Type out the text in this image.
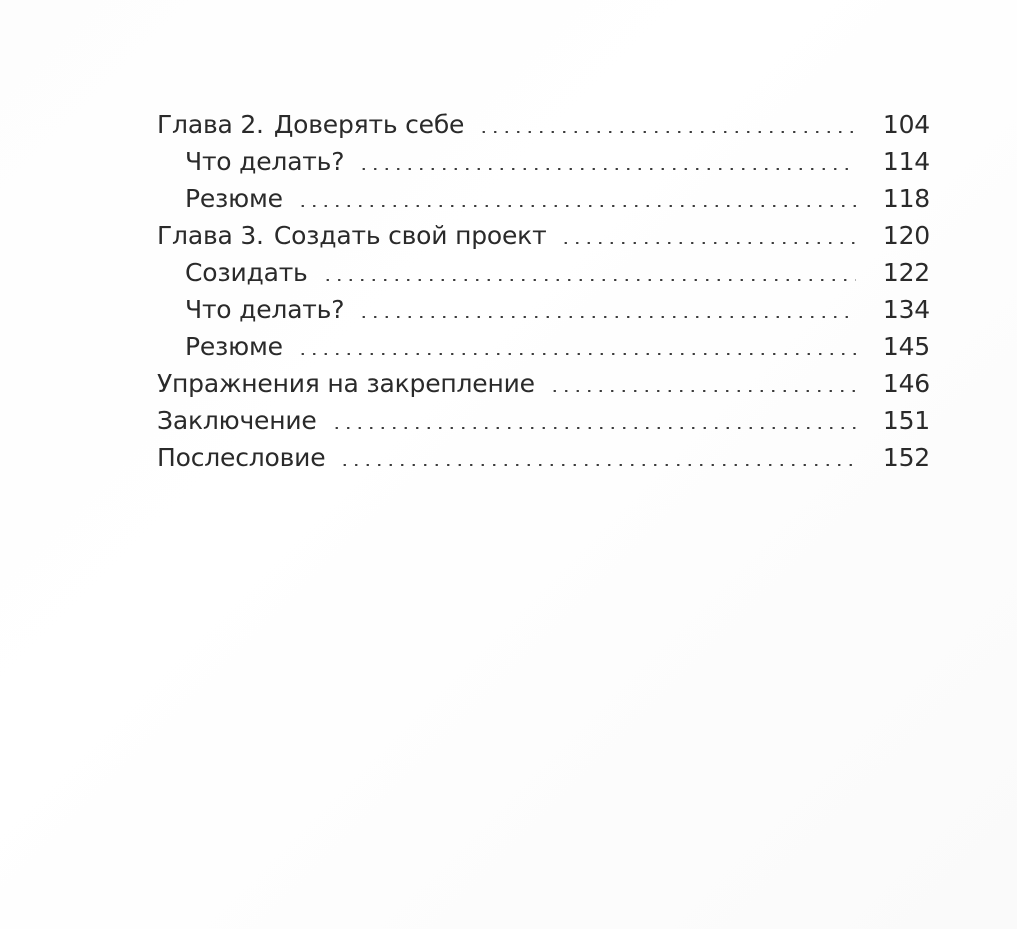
Глава 2. Доверять себе	104
Что делать?	114
Резюме	118
Глава 3. Создать свой проект	120
Созидать	122
Что делать?	134
Резюме	145
Упражнения на закрепление	146
Заключение	151
Послесловие	152
